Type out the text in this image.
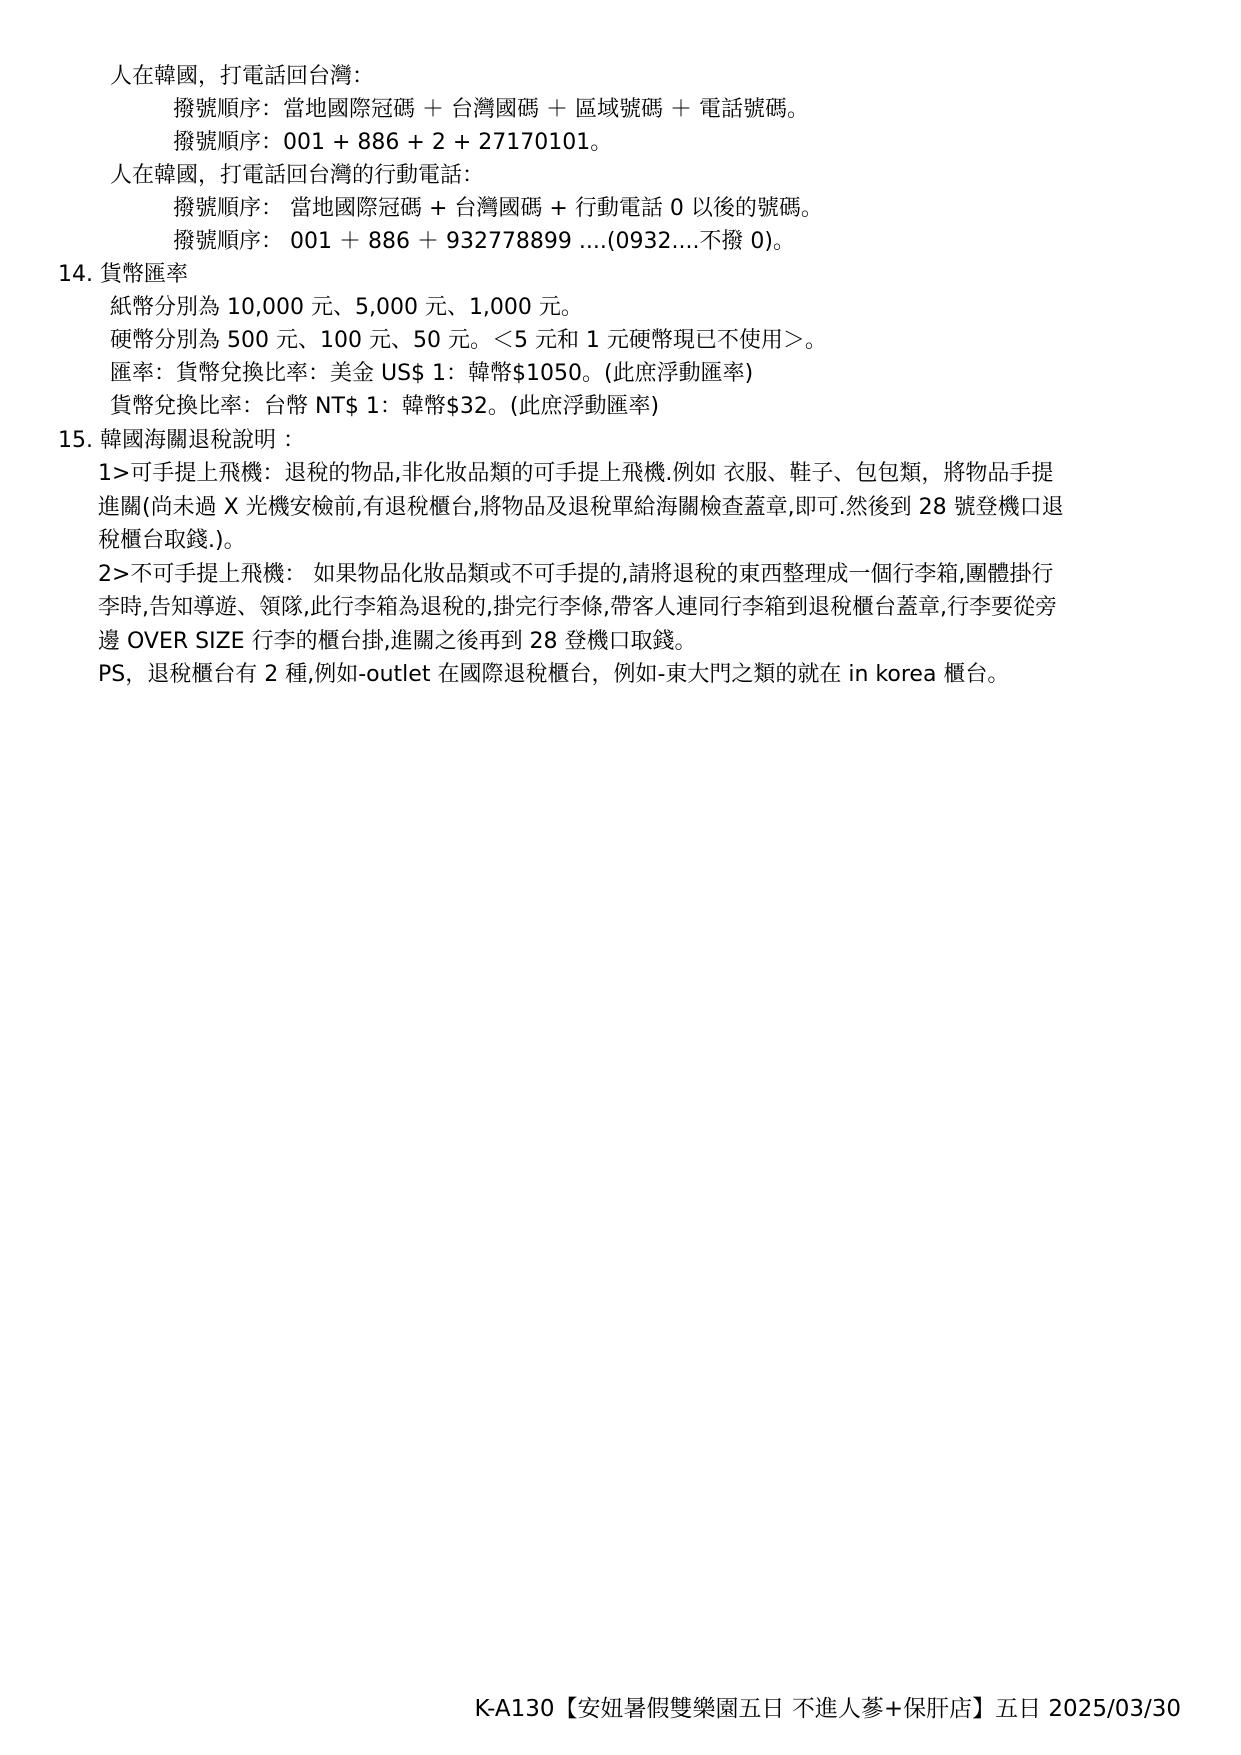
人在韓國，打電話回台灣：
撥號順序：當地國際冠碼 ＋ 台灣國碼 ＋ 區域號碼 ＋ 電話號碼。
撥號順序：001 + 886 + 2 + 27170101。
人在韓國，打電話回台灣的行動電話：
撥號順序： 當地國際冠碼 + 台灣國碼 + 行動電話 0 以後的號碼。
撥號順序： 001 ＋ 886 ＋ 932778899 ....(0932....不撥 0)。
14. 貨幣匯率
紙幣分別為 10,000 元、5,000 元、1,000 元。
硬幣分別為 500 元、100 元、50 元。＜5 元和 1 元硬幣現已不使用＞。
匯率：貨幣兌換比率：美金 US$ 1：韓幣$1050。(此庶浮動匯率)
貨幣兌換比率：台幣 NT$ 1：韓幣$32。(此庶浮動匯率)
15. 韓國海關退稅說明 ：
1>可手提上飛機：退稅的物品,非化妝品類的可手提上飛機.例如 衣服、鞋子、包包類，將物品手提
進關(尚未過 X 光機安檢前,有退稅櫃台,將物品及退稅單給海關檢查蓋章,即可.然後到 28 號登機口退
稅櫃台取錢.)。
2>不可手提上飛機： 如果物品化妝品類或不可手提的,請將退稅的東西整理成一個行李箱,團體掛行
李時,告知導遊、領隊,此行李箱為退稅的,掛完行李條,帶客人連同行李箱到退稅櫃台蓋章,行李要從旁
邊 OVER SIZE 行李的櫃台掛,進關之後再到 28 登機口取錢。
PS，退稅櫃台有 2 種,例如-outlet 在國際退稅櫃台，例如-東大門之類的就在 in korea 櫃台。
K-A130【安妞暑假雙樂園五日 不進人蔘+保肝店】五日 2025/03/30
